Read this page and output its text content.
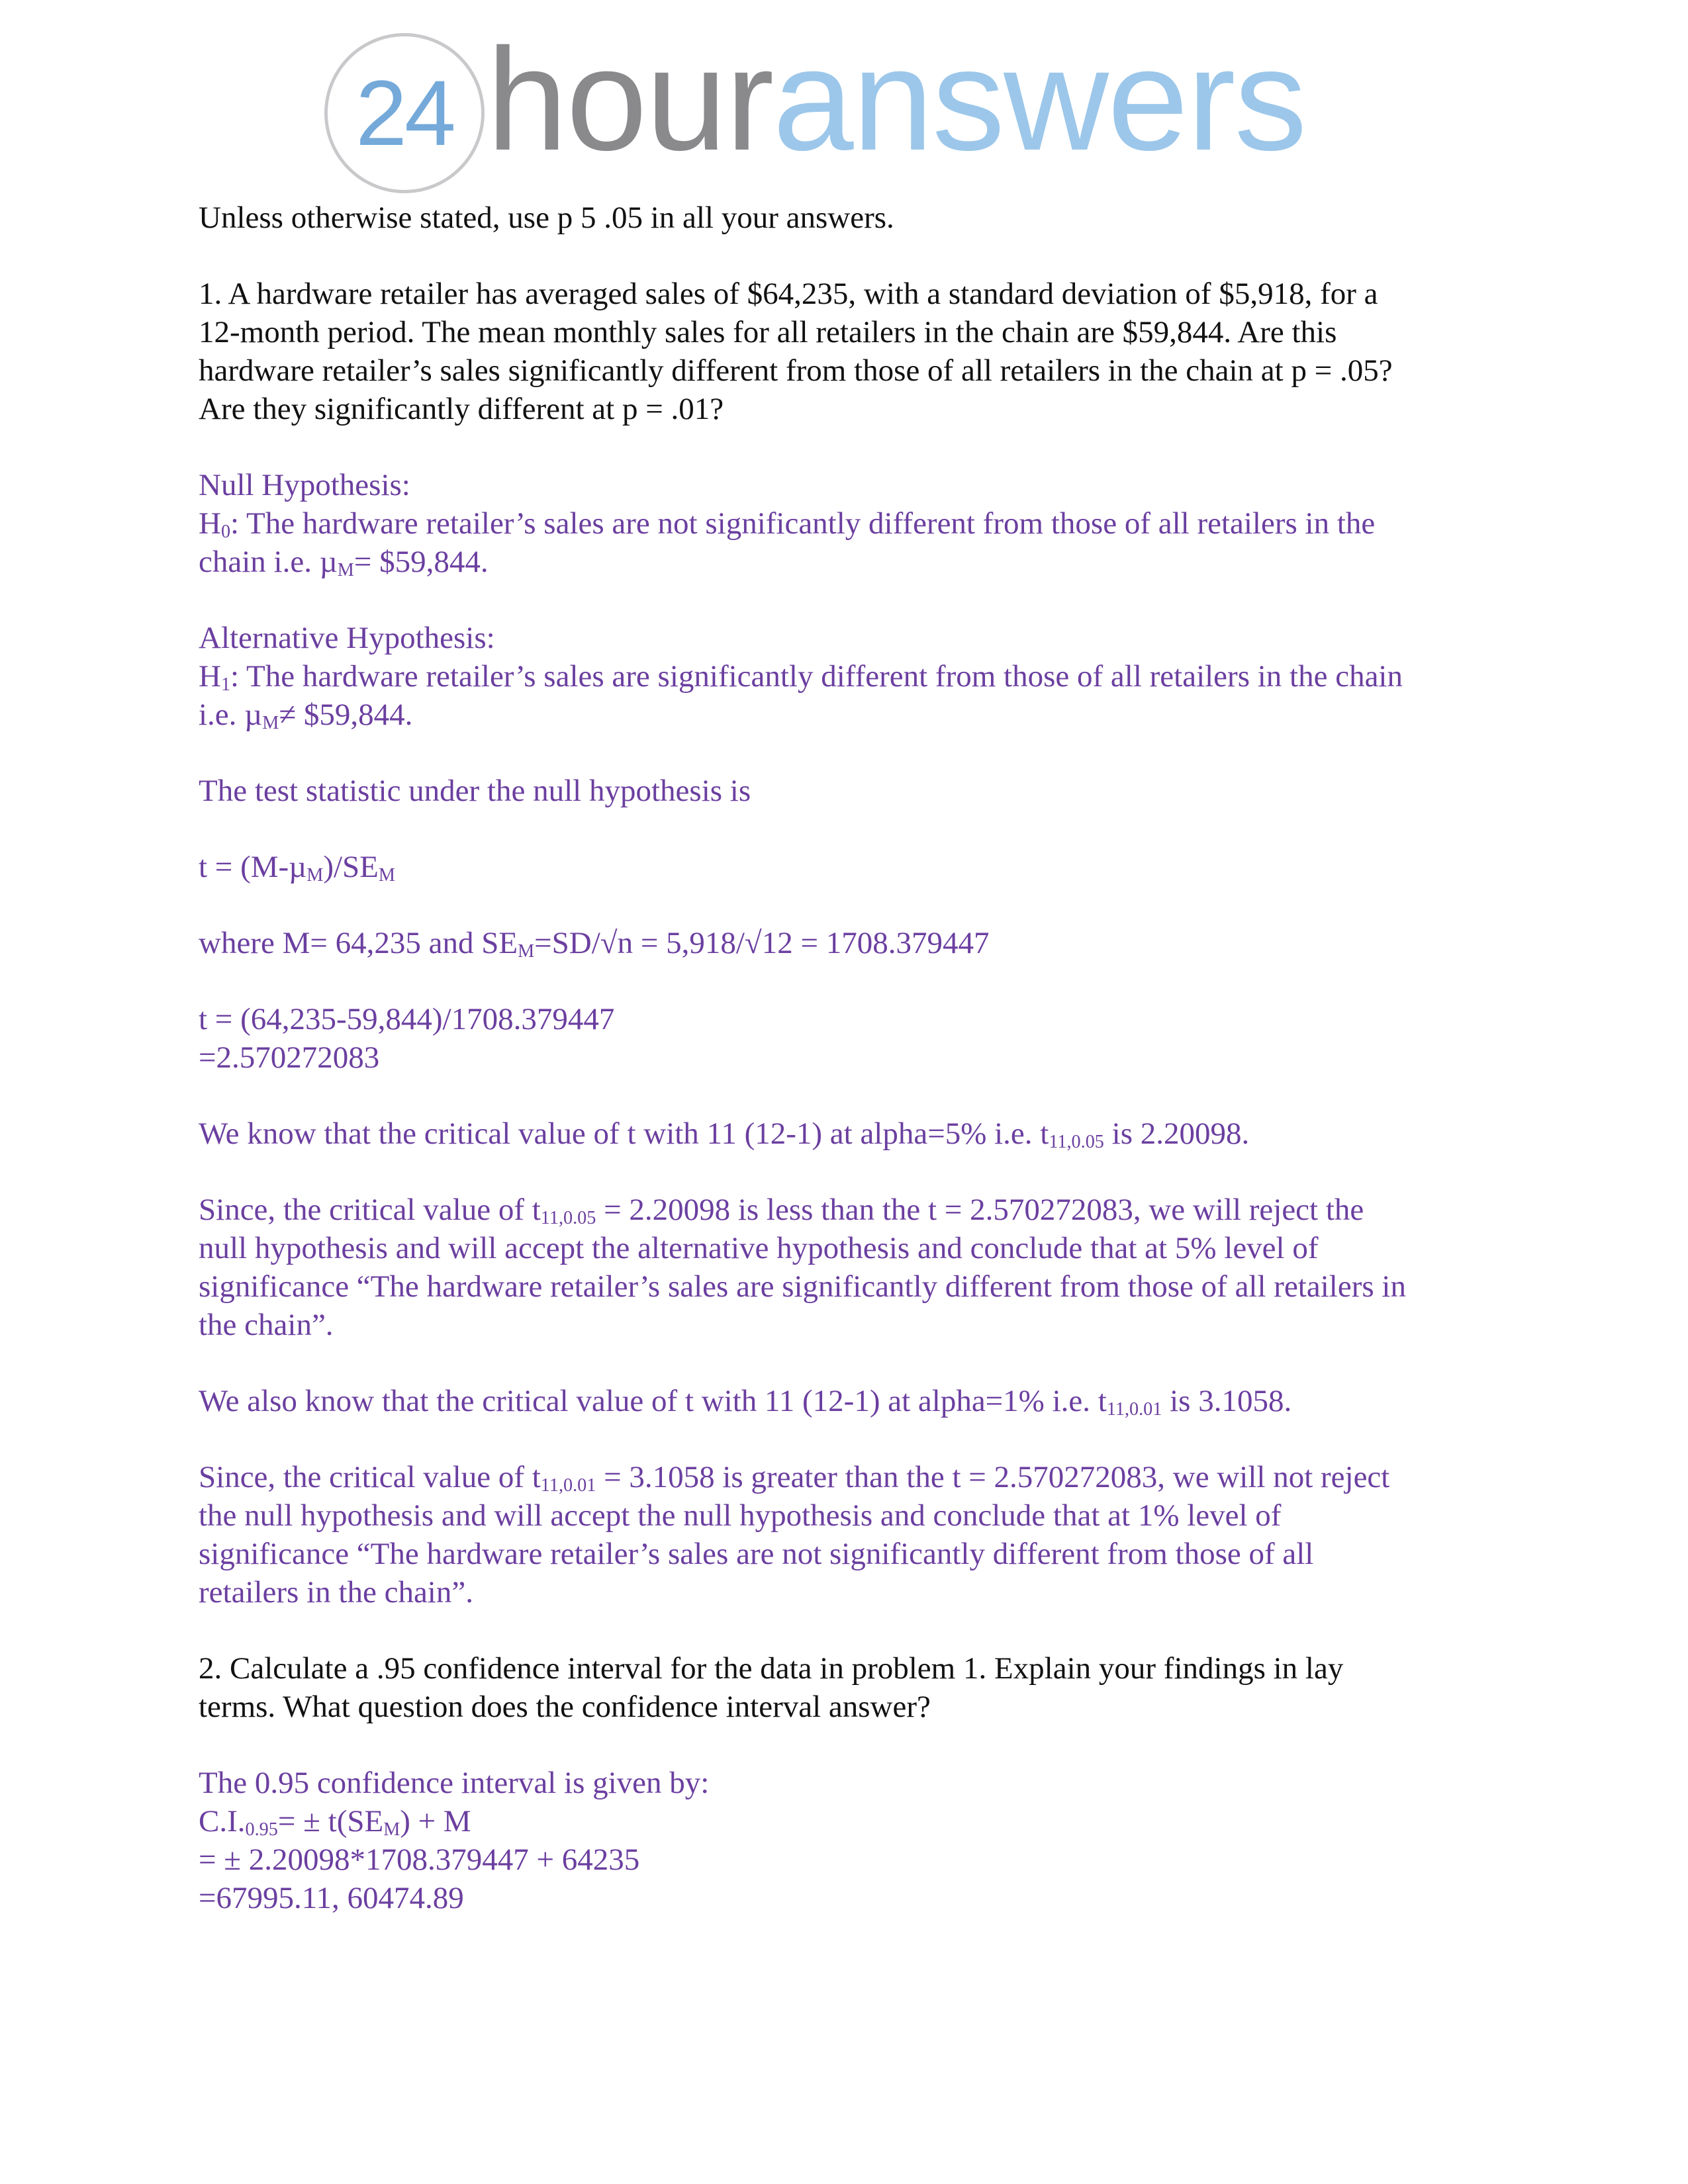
24 houranswers

Unless otherwise stated, use p 5 .05 in all your answers.

1. A hardware retailer has averaged sales of $64,235, with a standard deviation of $5,918, for a
12-month period. The mean monthly sales for all retailers in the chain are $59,844. Are this
hardware retailer’s sales significantly different from those of all retailers in the chain at p = .05?
Are they significantly different at p = .01?

Null Hypothesis:
$H_0$: The hardware retailer’s sales are not significantly different from those of all retailers in the
chain i.e. µ$_M$= $59,844.

Alternative Hypothesis:
$H_1$: The hardware retailer’s sales are significantly different from those of all retailers in the chain
i.e. µ$_M$≠ $59,844.

The test statistic under the null hypothesis is

$t = (M-\mu_M)/SE_M$

where M= 64,235 and $SE_M=SD/√n = 5,918/√12 = 1708.379447$

t = (64,235-59,844)/1708.379447
=2.570272083

We know that the critical value of t with 11 (12-1) at alpha=5% i.e. $t_{11,0.05}$ is 2.20098.

Since, the critical value of $t_{11,0.05} = 2.20098$ is less than the t = 2.570272083, we will reject the
null hypothesis and will accept the alternative hypothesis and conclude that at 5% level of
significance “The hardware retailer’s sales are significantly different from those of all retailers in
the chain”.

We also know that the critical value of t with 11 (12-1) at alpha=1% i.e. $t_{11,0.01}$ is 3.1058.

Since, the critical value of $t_{11,0.01} = 3.1058$ is greater than the t = 2.570272083, we will not reject
the null hypothesis and will accept the null hypothesis and conclude that at 1% level of
significance “The hardware retailer’s sales are not significantly different from those of all
retailers in the chain”.

2. Calculate a .95 confidence interval for the data in problem 1. Explain your findings in lay
terms. What question does the confidence interval answer?

The 0.95 confidence interval is given by:
$C.I._{0.95}= \pm t(SE_M) + M$
= ± 2.20098*1708.379447 + 64235
=67995.11, 60474.89
